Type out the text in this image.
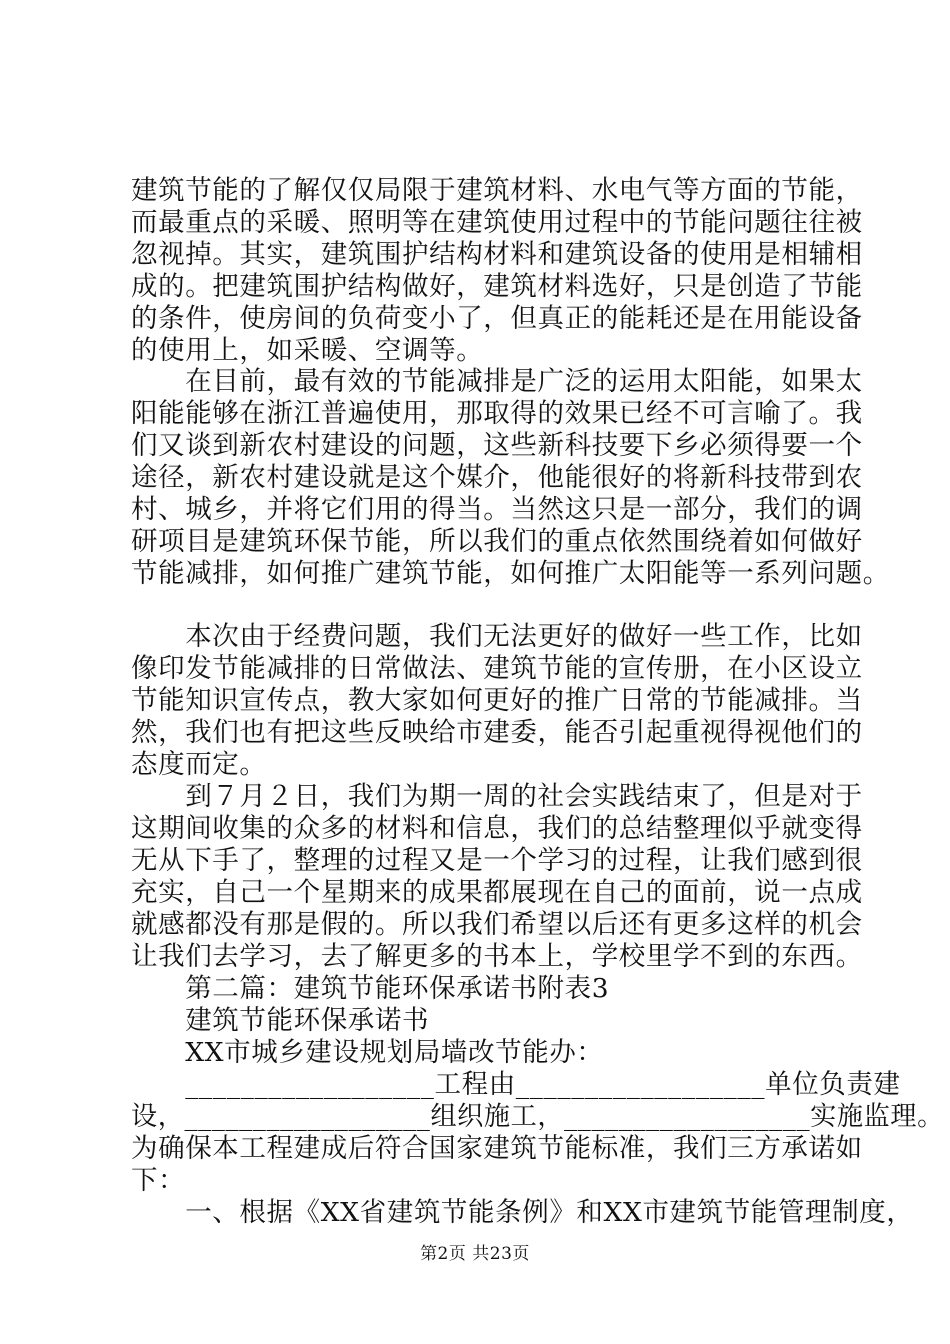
建筑节能的了解仅仅局限于建筑材料、水电气等方面的节能，
而最重点的采暖、照明等在建筑使用过程中的节能问题往往被
忽视掉。其实，建筑围护结构材料和建筑设备的使用是相辅相
成的。把建筑围护结构做好，建筑材料选好，只是创造了节能
的条件，使房间的负荷变小了，但真正的能耗还是在用能设备
的使用上，如采暖、空调等。
　　在目前，最有效的节能减排是广泛的运用太阳能，如果太
阳能能够在浙江普遍使用，那取得的效果已经不可言喻了。我
们又谈到新农村建设的问题，这些新科技要下乡必须得要一个
途径，新农村建设就是这个媒介，他能很好的将新科技带到农
村、城乡，并将它们用的得当。当然这只是一部分，我们的调
研项目是建筑环保节能，所以我们的重点依然围绕着如何做好
节能减排，如何推广建筑节能，如何推广太阳能等一系列问题。
　　本次由于经费问题，我们无法更好的做好一些工作，比如
像印发节能减排的日常做法、建筑节能的宣传册，在小区设立
节能知识宣传点，教大家如何更好的推广日常的节能减排。当
然，我们也有把这些反映给市建委，能否引起重视得视他们的
态度而定。
　　到７月２日，我们为期一周的社会实践结束了，但是对于
这期间收集的众多的材料和信息，我们的总结整理似乎就变得
无从下手了，整理的过程又是一个学习的过程，让我们感到很
充实，自己一个星期来的成果都展现在自己的面前，说一点成
就感都没有那是假的。所以我们希望以后还有更多这样的机会
让我们去学习，去了解更多的书本上，学校里学不到的东西。
　　第二篇：建筑节能环保承诺书附表3
　　建筑节能环保承诺书
　　XX市城乡建设规划局墙改节能办：
　　__________________工程由__________________单位负责建
设，__________________组织施工，__________________实施监理。
为确保本工程建成后符合国家建筑节能标准，我们三方承诺如
下：
　　一、根据《XX省建筑节能条例》和XX市建筑节能管理制度，
第2页 共23页
